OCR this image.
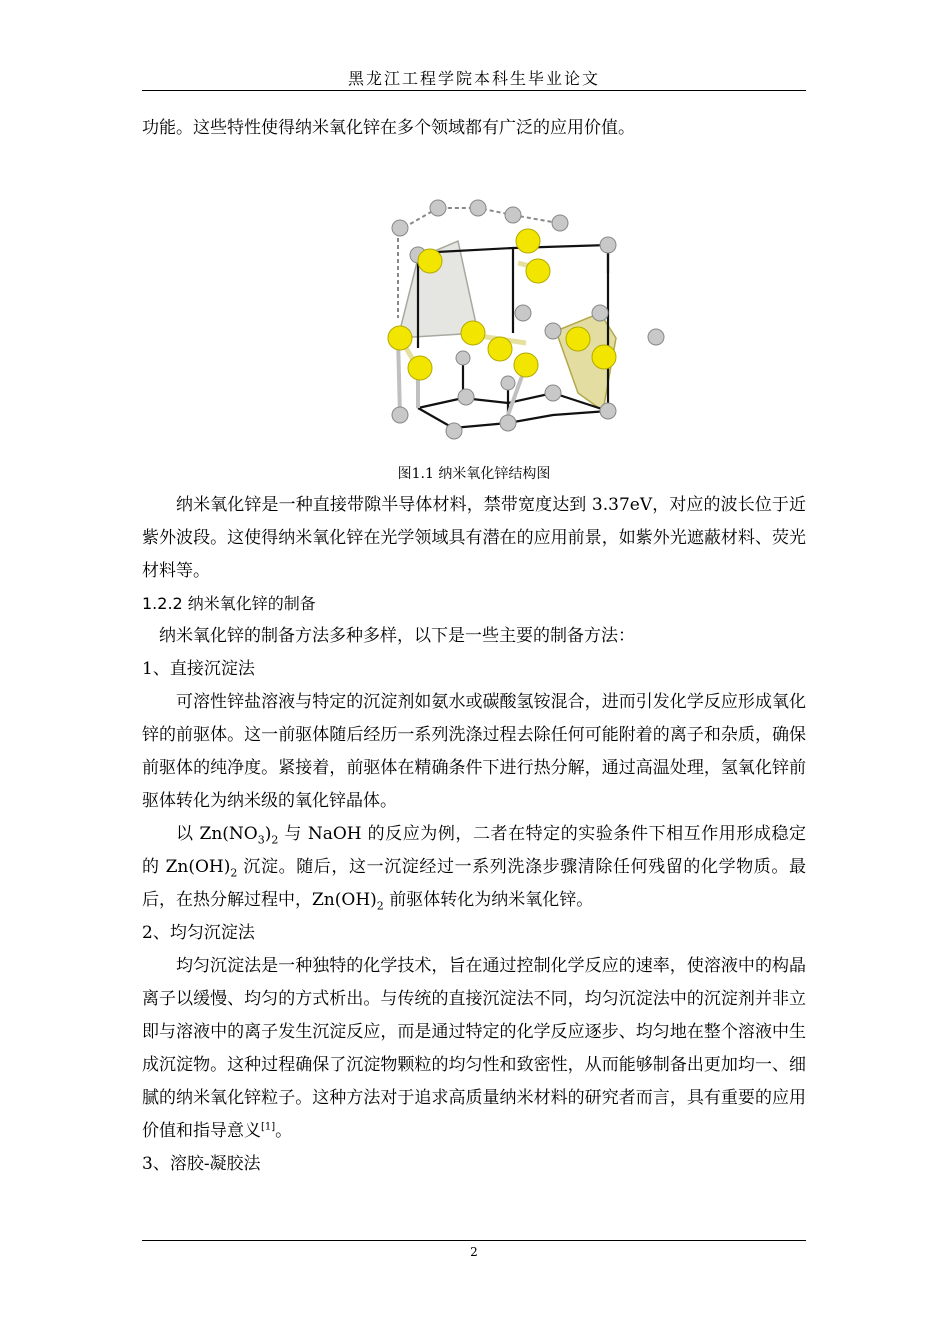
黑龙江工程学院本科生毕业论文

功能。这些特性使得纳米氧化锌在多个领域都有广泛的应用价值。

图1.1 纳米氧化锌结构图

纳米氧化锌是一种直接带隙半导体材料，禁带宽度达到 3.37eV，对应的波长位于近紫外波段。这使得纳米氧化锌在光学领域具有潜在的应用前景，如紫外光遮蔽材料、荧光材料等。

1.2.2 纳米氧化锌的制备

纳米氧化锌的制备方法多种多样，以下是一些主要的制备方法：

1、直接沉淀法

可溶性锌盐溶液与特定的沉淀剂如氨水或碳酸氢铵混合，进而引发化学反应形成氧化锌的前驱体。这一前驱体随后经历一系列洗涤过程去除任何可能附着的离子和杂质，确保前驱体的纯净度。紧接着，前驱体在精确条件下进行热分解，通过高温处理，氢氧化锌前驱体转化为纳米级的氧化锌晶体。

以 $Zn(NO_3)_2$ 与 NaOH 的反应为例，二者在特定的实验条件下相互作用形成稳定的 $Zn(OH)_2$ 沉淀。随后，这一沉淀经过一系列洗涤步骤清除任何残留的化学物质。最后，在热分解过程中，$Zn(OH)_2$ 前驱体转化为纳米氧化锌。

2、均匀沉淀法

均匀沉淀法是一种独特的化学技术，旨在通过控制化学反应的速率，使溶液中的构晶离子以缓慢、均匀的方式析出。与传统的直接沉淀法不同，均匀沉淀法中的沉淀剂并非立即与溶液中的离子发生沉淀反应，而是通过特定的化学反应逐步、均匀地在整个溶液中生成沉淀物。这种过程确保了沉淀物颗粒的均匀性和致密性，从而能够制备出更加均一、细腻的纳米氧化锌粒子。这种方法对于追求高质量纳米材料的研究者而言，具有重要的应用价值和指导意义[1]。

3、溶胶-凝胶法

2
